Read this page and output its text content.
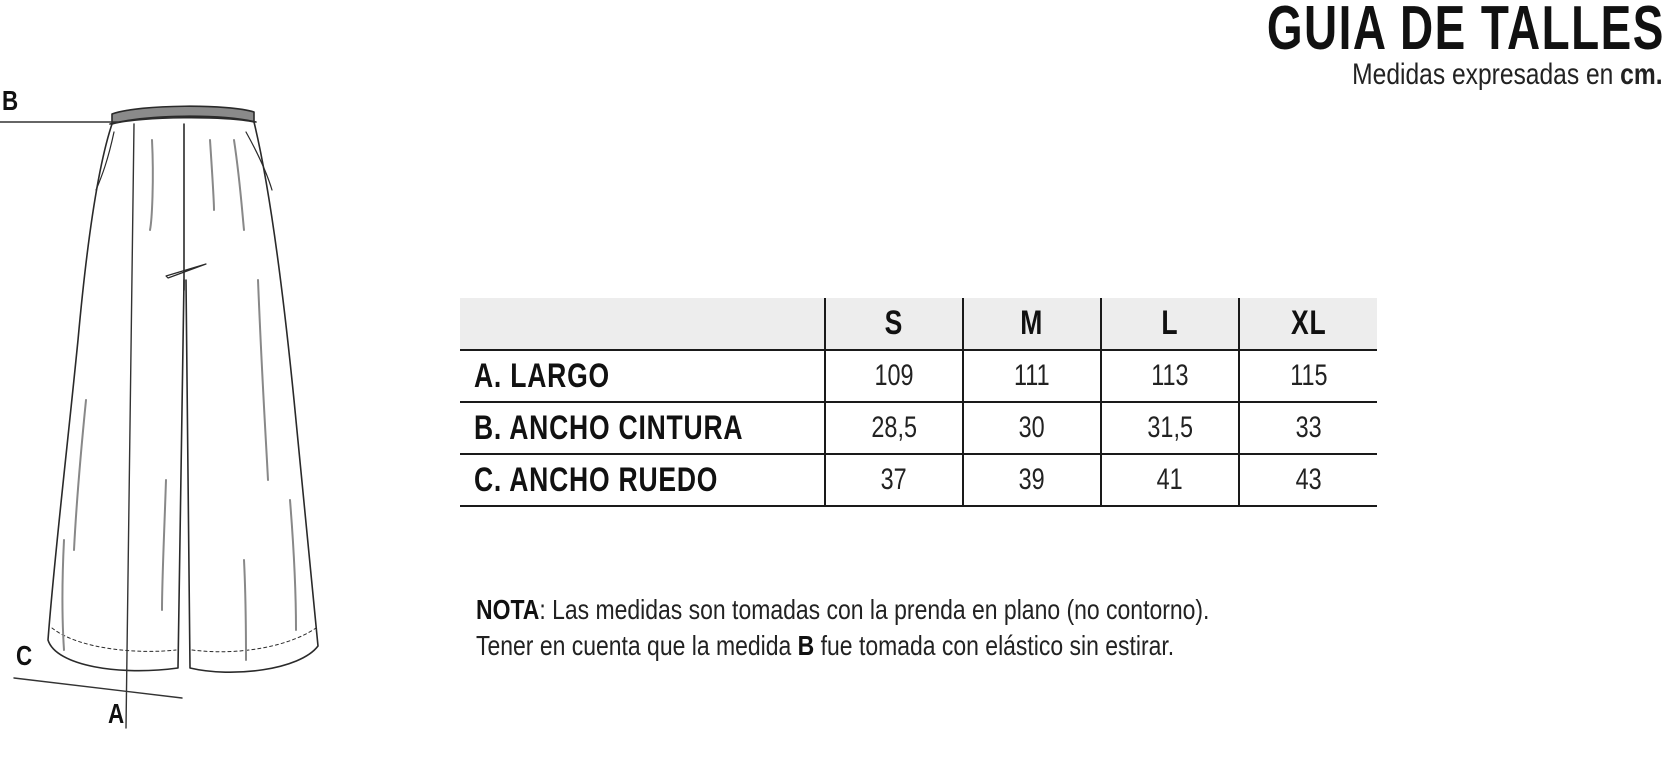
GUIA DE TALLES
Medidas expresadas en cm.
B
C
A
	S	M	L	XL
A. LARGO	109	111	113	115
B. ANCHO CINTURA	28,5	30	31,5	33
C. ANCHO RUEDO	37	39	41	43
NOTA: Las medidas son tomadas con la prenda en plano (no contorno).
Tener en cuenta que la medida B fue tomada con elástico sin estirar.
